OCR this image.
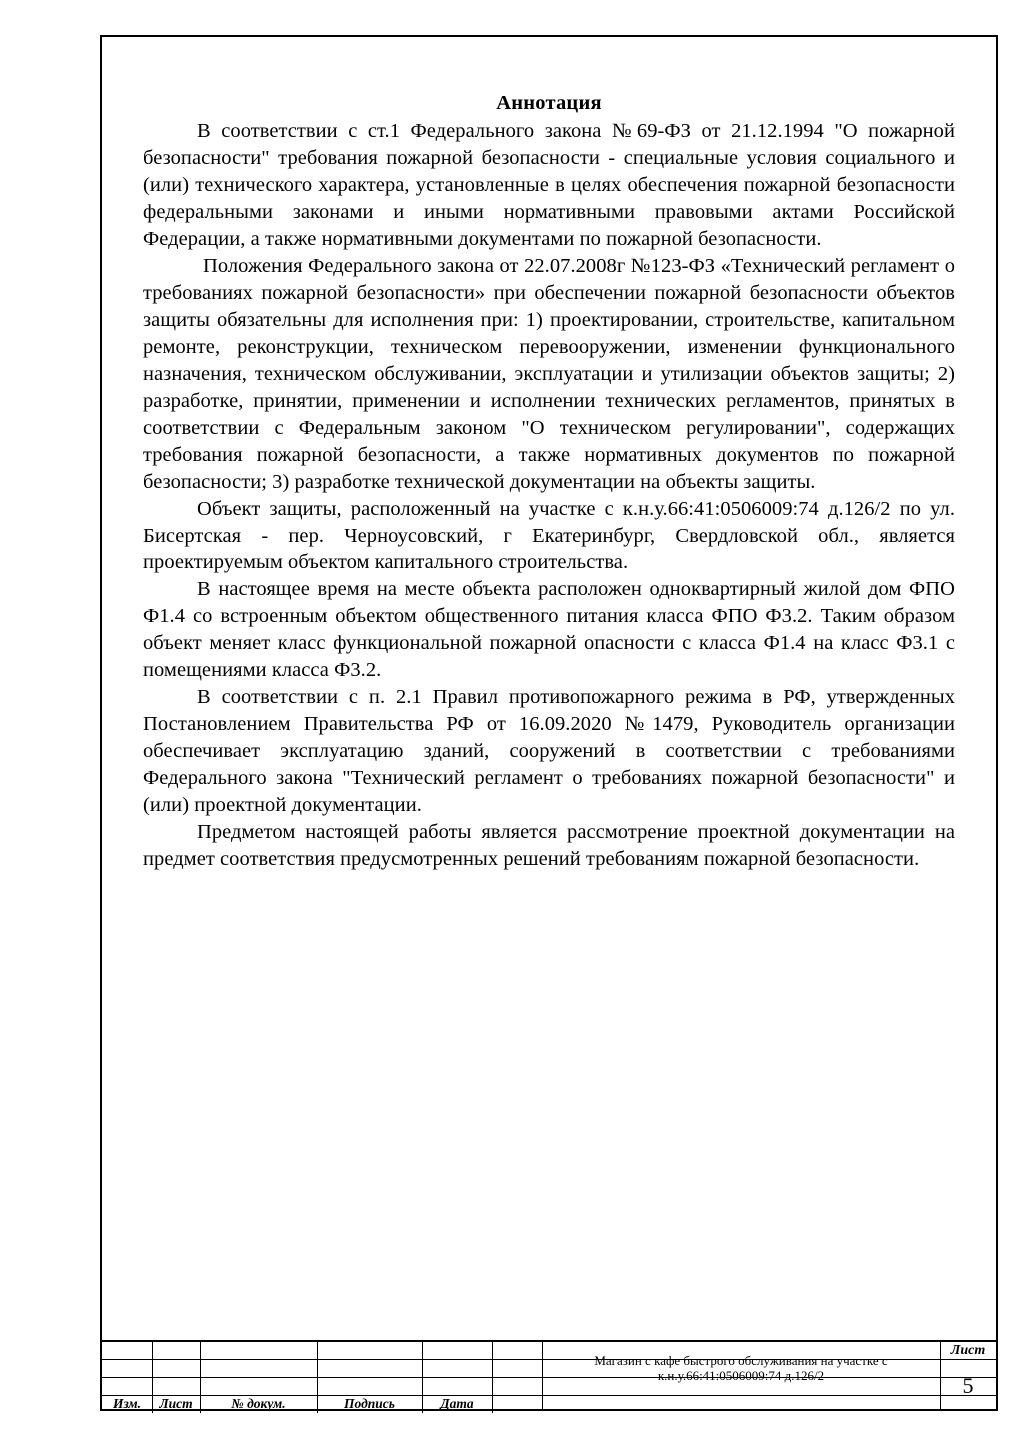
Аннотация

В соответствии с ст.1 Федерального закона №69-ФЗ от 21.12.1994 "О пожарной безопасности" требования пожарной безопасности - специальные условия социального и (или) технического характера, установленные в целях обеспечения пожарной безопасности федеральными законами и иными нормативными правовыми актами Российской Федерации, а также нормативными документами по пожарной безопасности.

Положения Федерального закона от 22.07.2008г №123-ФЗ «Технический регламент о требованиях пожарной безопасности» при обеспечении пожарной безопасности объектов защиты обязательны для исполнения при: 1) проектировании, строительстве, капитальном ремонте, реконструкции, техническом перевооружении, изменении функционального назначения, техническом обслуживании, эксплуатации и утилизации объектов защиты; 2) разработке, принятии, применении и исполнении технических регламентов, принятых в соответствии с Федеральным законом "О техническом регулировании", содержащих требования пожарной безопасности, а также нормативных документов по пожарной безопасности; 3) разработке технической документации на объекты защиты.

Объект защиты, расположенный на участке с к.н.у.66:41:0506009:74 д.126/2 по ул. Бисертская - пер. Черноусовский, г Екатеринбург, Свердловской обл., является проектируемым объектом капитального строительства.

В настоящее время на месте объекта расположен одноквартирный жилой дом ФПО Ф1.4 со встроенным объектом общественного питания класса ФПО Ф3.2. Таким образом объект меняет класс функциональной пожарной опасности с класса Ф1.4 на класс Ф3.1 с помещениями класса Ф3.2.

В соответствии с п. 2.1 Правил противопожарного режима в РФ, утвержденных Постановлением Правительства РФ от 16.09.2020 №1479, Руководитель организации обеспечивает эксплуатацию зданий, сооружений в соответствии с требованиями Федерального закона "Технический регламент о требованиях пожарной безопасности" и (или) проектной документации.

Предметом настоящей работы является рассмотрение проектной документации на предмет соответствия предусмотренных решений требованиям пожарной безопасности.

Изм.	Лист	№ докум.	Подпись	Дата
Магазин с кафе быстрого обслуживания на участке с к.н.у.66:41:0506009:74 д.126/2
Лист
5
